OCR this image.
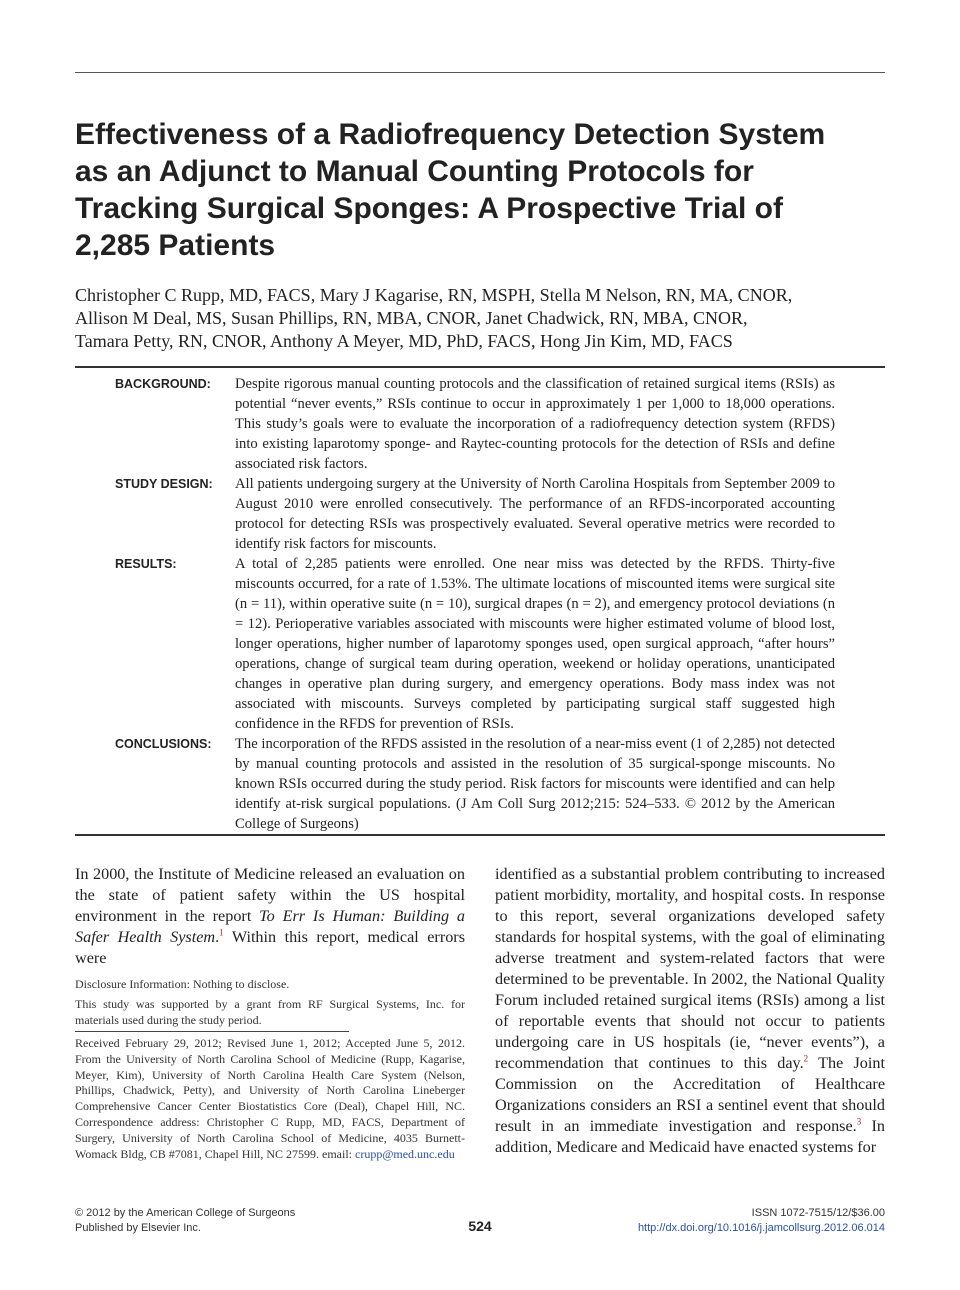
Effectiveness of a Radiofrequency Detection System
as an Adjunct to Manual Counting Protocols for
Tracking Surgical Sponges: A Prospective Trial of
2,285 Patients
Christopher C Rupp, MD, FACS, Mary J Kagarise, RN, MSPH, Stella M Nelson, RN, MA, CNOR,
Allison M Deal, MS, Susan Phillips, RN, MBA, CNOR, Janet Chadwick, RN, MBA, CNOR,
Tamara Petty, RN, CNOR, Anthony A Meyer, MD, PhD, FACS, Hong Jin Kim, MD, FACS
BACKGROUND:	Despite rigorous manual counting protocols and the classification of retained surgical items (RSIs) as potential “never events,” RSIs continue to occur in approximately 1 per 1,000 to 18,000 operations. This study’s goals were to evaluate the incorporation of a radiofrequency detection system (RFDS) into existing laparotomy sponge- and Raytec-counting protocols for the detection of RSIs and define associated risk factors.

STUDY DESIGN:	All patients undergoing surgery at the University of North Carolina Hospitals from September 2009 to August 2010 were enrolled consecutively. The performance of an RFDS-incorporated accounting protocol for detecting RSIs was prospectively evaluated. Several operative metrics were recorded to identify risk factors for miscounts.

RESULTS:	A total of 2,285 patients were enrolled. One near miss was detected by the RFDS. Thirty-five miscounts occurred, for a rate of 1.53%. The ultimate locations of miscounted items were surgical site (n = 11), within operative suite (n = 10), surgical drapes (n = 2), and emergency protocol deviations (n = 12). Perioperative variables associated with miscounts were higher estimated volume of blood lost, longer operations, higher number of laparotomy sponges used, open surgical approach, “after hours” operations, change of surgical team during operation, weekend or holiday operations, unanticipated changes in operative plan during surgery, and emergency operations. Body mass index was not associated with miscounts. Surveys completed by participating surgical staff suggested high confidence in the RFDS for prevention of RSIs.

CONCLUSIONS:	The incorporation of the RFDS assisted in the resolution of a near-miss event (1 of 2,285) not detected by manual counting protocols and assisted in the resolution of 35 surgical-sponge miscounts. No known RSIs occurred during the study period. Risk factors for miscounts were identified and can help identify at-risk surgical populations. (J Am Coll Surg 2012;215: 524–533. © 2012 by the American College of Surgeons)

In 2000, the Institute of Medicine released an evaluation on the state of patient safety within the US hospital environment in the report To Err Is Human: Building a Safer Health System.$^1$ Within this report, medical errors were

Disclosure Information: Nothing to disclose.

This study was supported by a grant from RF Surgical Systems, Inc. for materials used during the study period.

Received February 29, 2012; Revised June 1, 2012; Accepted June 5, 2012. From the University of North Carolina School of Medicine (Rupp, Kagarise, Meyer, Kim), University of North Carolina Health Care System (Nelson, Phillips, Chadwick, Petty), and University of North Carolina Lineberger Comprehensive Cancer Center Biostatistics Core (Deal), Chapel Hill, NC. Correspondence address: Christopher C Rupp, MD, FACS, Department of Surgery, University of North Carolina School of Medicine, 4035 Burnett-Womack Bldg, CB #7081, Chapel Hill, NC 27599. email: crupp@med.unc.edu

identified as a substantial problem contributing to increased patient morbidity, mortality, and hospital costs. In response to this report, several organizations developed safety standards for hospital systems, with the goal of eliminating adverse treatment and system-related factors that were determined to be preventable. In 2002, the National Quality Forum included retained surgical items (RSIs) among a list of reportable events that should not occur to patients undergoing care in US hospitals (ie, “never events”), a recommendation that continues to this day.$^2$ The Joint Commission on the Accreditation of Healthcare Organizations considers an RSI a sentinel event that should result in an immediate investigation and response.$^3$ In addition, Medicare and Medicaid have enacted systems for

© 2012 by the American College of Surgeons
Published by Elsevier Inc.	524
ISSN 1072-7515/12/$36.00
http://dx.doi.org/10.1016/j.jamcollsurg.2012.06.014
